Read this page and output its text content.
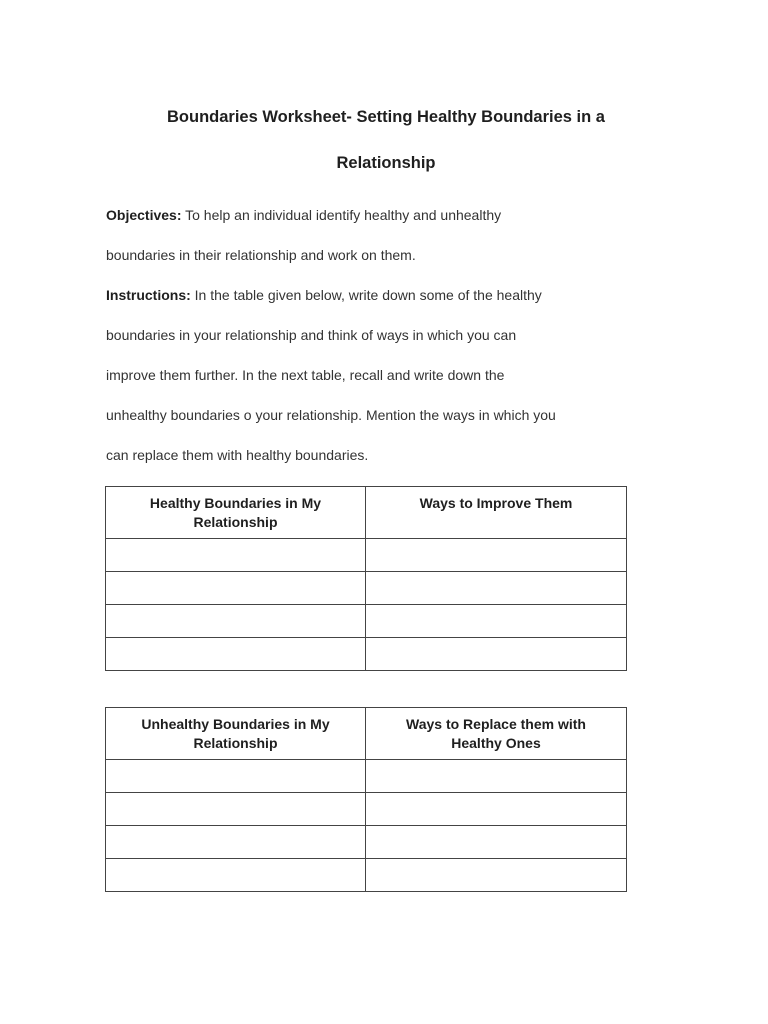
Boundaries Worksheet- Setting Healthy Boundaries in a
Relationship
Objectives: To help an individual identify healthy and unhealthy
boundaries in their relationship and work on them.
Instructions: In the table given below, write down some of the healthy
boundaries in your relationship and think of ways in which you can
improve them further. In the next table, recall and write down the
unhealthy boundaries o your relationship. Mention the ways in which you
can replace them with healthy boundaries.
Healthy Boundaries in My Relationship	Ways to Improve Them

Unhealthy Boundaries in My Relationship	Ways to Replace them with Healthy Ones
